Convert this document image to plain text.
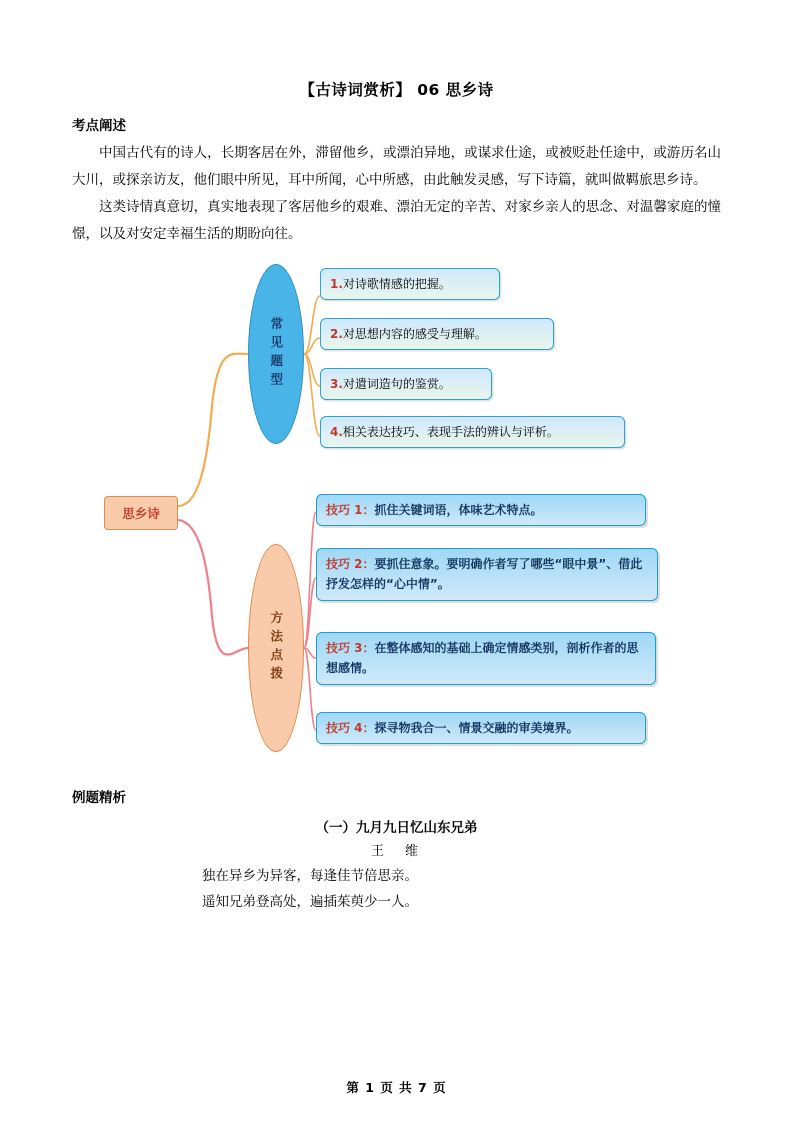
【古诗词赏析】 06 思乡诗
考点阐述

中国古代有的诗人，长期客居在外，滞留他乡，或漂泊异地，或谋求仕途，或被贬赴任途中，或游历名山大川，或探亲访友，他们眼中所见，耳中所闻，心中所感，由此触发灵感，写下诗篇，就叫做羁旅思乡诗。

这类诗情真意切，真实地表现了客居他乡的艰难、漂泊无定的辛苦、对家乡亲人的思念、对温馨家庭的憧憬，以及对安定幸福生活的期盼向往。

思乡诗
常见题型
方法点拨
1.对诗歌情感的把握。
2.对思想内容的感受与理解。
3.对遣词造句的鉴赏。
4.相关表达技巧、表现手法的辨认与评析。
技巧 1：抓住关键词语，体味艺术特点。
技巧 2：要抓住意象。要明确作者写了哪些“眼中景”、借此抒发怎样的“心中情”。
技巧 3：在整体感知的基础上确定情感类别，剖析作者的思想感情。
技巧 4：探寻物我合一、情景交融的审美境界。
例题精析
（一）九月九日忆山东兄弟
王　维

独在异乡为异客，每逢佳节倍思亲。

遥知兄弟登高处，遍插茱萸少一人。

第 1 页 共 7 页
